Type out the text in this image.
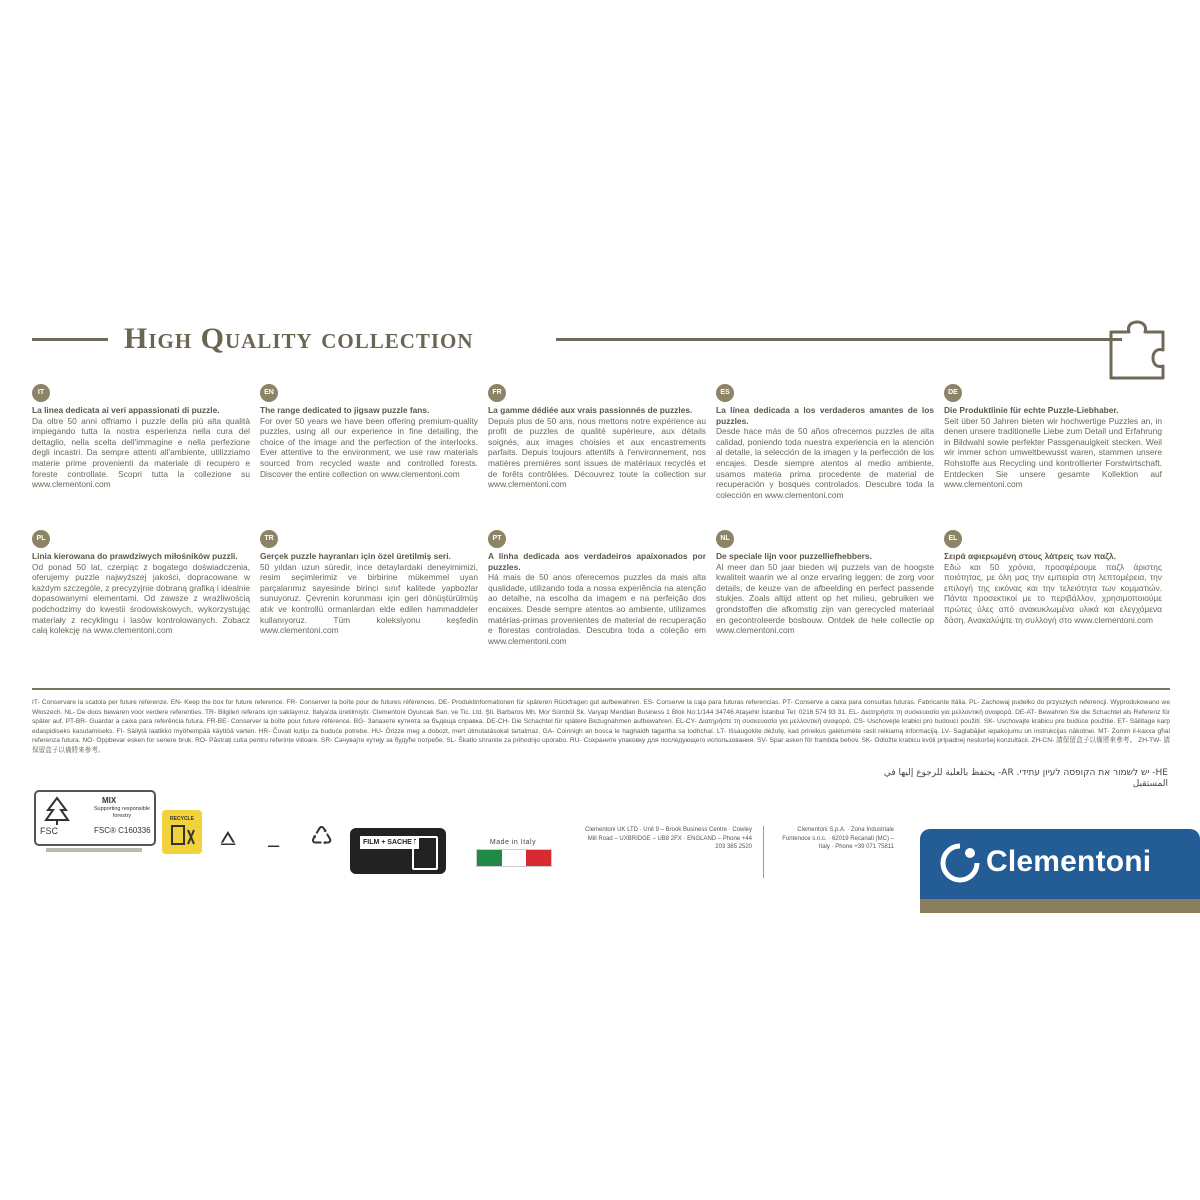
High Quality collection
IT
La linea dedicata ai veri appassionati di puzzle.
Da oltre 50 anni offriamo i puzzle della più alta qualità impiegando tutta la nostra esperienza nella cura del dettaglio, nella scelta dell'immagine e nella perfezione degli incastri. Da sempre attenti all'ambiente, utilizziamo materie prime provenienti da materiale di recupero e foreste controllate. Scopri tutta la collezione su www.clementoni.com
EN
The range dedicated to jigsaw puzzle fans.
For over 50 years we have been offering premium-quality puzzles, using all our experience in fine detailing, the choice of the image and the perfection of the interlocks. Ever attentive to the environment, we use raw materials sourced from recycled waste and controlled forests. Discover the entire collection on www.clementoni.com
FR
La gamme dédiée aux vrais passionnés de puzzles.
Depuis plus de 50 ans, nous mettons notre expérience au profit de puzzles de qualité supérieure, aux détails soignés, aux images choisies et aux encastrements parfaits. Depuis toujours attentifs à l'environnement, nos matières premières sont issues de matériaux recyclés et de forêts contrôlées. Découvrez toute la collection sur www.clementoni.com
ES
La línea dedicada a los verdaderos amantes de los puzzles.
Desde hace más de 50 años ofrecemos puzzles de alta calidad, poniendo toda nuestra experiencia en la atención al detalle, la selección de la imagen y la perfección de los encajes. Desde siempre atentos al medio ambiente, usamos materia prima procedente de material de recuperación y bosques controlados. Descubre toda la colección en www.clementoni.com
DE
Die Produktlinie für echte Puzzle-Liebhaber.
Seit über 50 Jahren bieten wir hochwertige Puzzles an, in denen unsere traditionelle Liebe zum Detail und Erfahrung in Bildwahl sowie perfekter Passgenauigkeit stecken. Weil wir immer schon umweltbewusst waren, stammen unsere Rohstoffe aus Recycling und kontrollierter Forstwirtschaft. Entdecken Sie unsere gesamte Kollektion auf www.clementoni.com
PL
Linia kierowana do prawdziwych miłośników puzzli.
Od ponad 50 lat, czerpiąc z bogatego doświadczenia, oferujemy puzzle najwyższej jakości, dopracowane w każdym szczególe, z precyzyjnie dobraną grafiką i idealnie dopasowanymi elementami. Od zawsze z wrażliwością podchodzimy do kwestii środowiskowych, wykorzystując materiały z recyklingu i lasów kontrolowanych. Zobacz całą kolekcję na www.clementoni.com
TR
Gerçek puzzle hayranları için özel üretilmiş seri.
50 yıldan uzun süredir, ince detaylardaki deneyimimizi, resim seçimlerimiz ve birbirine mükemmel uyan parçalarımız sayesinde birinci sınıf kalitede yapbozlar sunuyoruz. Çevrenin korunması için geri dönüştürülmüş atık ve kontrollü ormanlardan elde edilen hammaddeler kullanıyoruz. Tüm koleksiyonu keşfedin www.clementoni.com
PT
A linha dedicada aos verdadeiros apaixonados por puzzles.
Há mais de 50 anos oferecemos puzzles da mais alta qualidade, utilizando toda a nossa experiência na atenção ao detalhe, na escolha da imagem e na perfeição dos encaixes. Desde sempre atentos ao ambiente, utilizamos matérias-primas provenientes de material de recuperação e florestas controladas. Descubra toda a coleção em www.clementoni.com
NL
De speciale lijn voor puzzelliefhebbers.
Al meer dan 50 jaar bieden wij puzzels van de hoogste kwaliteit waarin we al onze ervaring leggen: de zorg voor details, de keuze van de afbeelding en perfect passende stukjes. Zoals altijd attent op het milieu, gebruiken we grondstoffen die afkomstig zijn van gerecycled materiaal en gecontroleerde bosbouw. Ontdek de hele collectie op www.clementoni.com
EL
Σειρά αφιερωμένη στους λάτρεις των παζλ.
Εδώ και 50 χρόνια, προσφέρουμε παζλ άριστης ποιότητας, με όλη μας την εμπειρία στη λεπτομέρεια, την επιλογή της εικόνας και την τελειότητα των κομματιών. Πάντα προσεκτικοί με το περιβάλλον, χρησιμοποιούμε πρώτες ύλες από ανακυκλωμένα υλικά και ελεγχόμενα δάση. Ανακαλύψτε τη συλλογή στο www.clementoni.com
IT- Conservare la scatola per future referenze. EN- Keep the box for future reference. FR- Conserver la boîte pour de futures références. DE- Produktinformationen für späteren Rückfragen gut aufbewahren. ES- Conserve la caja para futuras referencias. PT- Conserve a caixa para consultas futuras. Fabricante Itália. PL- Zachowaj pudełko do przyszłych referencji. Wyprodukowano we Włoszech. NL- De doos bewaren voor verdere referenties. TR- Bilgileri referans için saklayınız. İtalya'da üretilmiştir. Clementoni Oyuncak San. ve Tic. Ltd. Şti. Barbaros Mh. Mor Sümbül Sk. Varyap Meridian Business 1 Blok No:1/144 34746 Ataşehir İstanbul Tel: 0216 574 93 31. EL- Διατηρήστε τη συσκευασία για μελλοντική αναφορά. DE-AT- Bewahren Sie die Schachtel als Referenz für später auf. PT-BR- Guardar a caixa para referência futura. FR-BE- Conserver la boîte pour future référence. BG- Запазете кутията за бъдеща справка. DE-CH- Die Schachtel für spätere Bezugnahmen aufbewahren. EL-CY- Διατηρήστε τη συσκευασία για μελλοντική αναφορά. CS- Uschovejte krabici pro budoucí použití. SK- Uschovajte krabicu pre budúce použitie. ET- Säilitage karp edaspidiseks kasutamiseks. FI- Säilytä laatikko myöhempää käyttöä varten. HR- Čuvati kutiju za buduće potrebe. HU- Őrizze meg a dobozt, mert útmutatásokat tartalmaz. GA- Coinnigh an bosca le haghaidh tagartha sa todhchaí. LT- Išsaugokite dėžutę, kad prireikus galėtumėte rasti reikiamą informaciją. LV- Saglabājiet iepakojumu un instrukcijas nākotnei. MT- Żomm il-kaxxa għal referenza futura. NO- Oppbevar esken for senere bruk. RO- Păstrați cutia pentru referințe viitoare. SR- Сачувајте кутију за будуће потребе. SL- Škatlo shranite za prihodnjo uporabo. RU- Сохраните упаковку для последующего использования. SV- Spar asken för framtida behov. SK- Odložte krabicu kvôli prípadnej neskoršej konzultácii. ZH-CN- 請保留盒子以備將來參考。 ZH-TW- 請保留盒子以備將來參考。
HE- יש לשמור את הקופסה לעיון עתידי. AR- يحتفظ بالعلبة للرجوع إليها في المستقبل
FSC
MIX
Supporting responsible forestry
FSC® C160336
RECYCLE
⩟ − ♺	FILM + SACHET	Made in Italy
Clementoni UK LTD · Unit 9 – Brook Business Centre · Cowley Mill Road – UXBRIDGE – UB8 2FX · ENGLAND – Phone +44 203 385 2520
Clementoni S.p.A. · Zona Industriale Fontenoce s.n.c. · 62019 Recanati (MC) – Italy · Phone +39 071 75811	Clementoni
